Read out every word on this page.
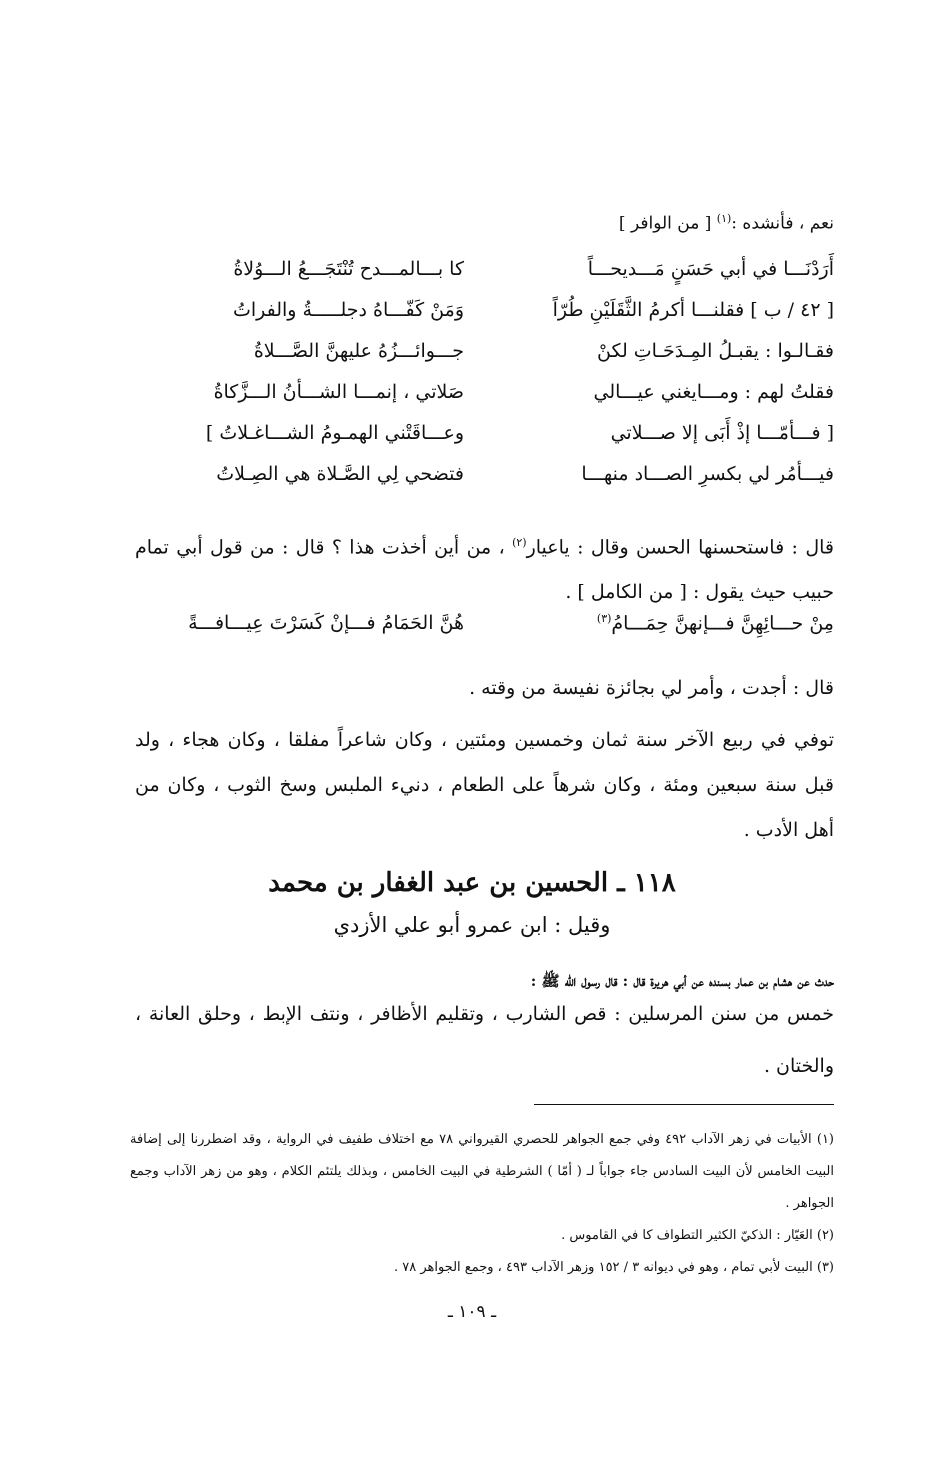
نعم ، فأنشده :$^{(١)}$ [ من الوافر ]
أَرَدْنَـــا في أبي حَسَنٍ مَـــديحـــاً
كا بـــالمـــدح تُنْتَجَـــعُ الـــوُلاةُ
[ ٤٢ / ب ] فقلنـــا أكرمُ الثَّقَلَيْنِ طُرّاً
وَمَنْ كَفّـــاهُ دجلـــــةُ والفراتُ
فقـالـوا : يقبـلُ المِـدَحَـاتِ لكنْ
جـــوائـــزُهُ عليهنَّ الصَّـــلاةُ
فقلتُ لهم : ومـــايغني عيـــالي
صَلاتي ، إنمـــا الشـــأنُ الـــزَّكاةُ
[ فـــأمّـــا إذْ أَبَى إلا صـــلاتي
وعـــاقَتْني الهمـومُ الشـــاغـلاتُ ]
فيـــأمُر لي بكسرِ الصـــاد منهـــا
فتضحي لِي الصَّـلاة هي الصِـلاتُ
قال : فاستحسنها الحسن وقال : ياعيار$^{(٢)}$ ، من أين أخذت هذا ؟ قال : من قول أبي تمام حبيب حيث يقول : [ من الكامل ] .
مِنْ حـــائِهِنَّ فـــإنهنَّ حِمَـــامُ$^{(٣)}$
هُنَّ الحَمَامُ فـــإنْ كَسَرْتَ عِيـــافـــةً
قال : أجدت ، وأمر لي بجائزة نفيسة من وقته .
توفي في ربيع الآخر سنة ثمان وخمسين ومئتين ، وكان شاعراً مفلقا ، وكان هجاء ، ولد قبل سنة سبعين ومئة ، وكان شرهاً على الطعام ، دنيء الملبس وسخ الثوب ، وكان من أهل الأدب .
١١٨ ـ الحسين بن عبد الغفار بن محمد
وقيل : ابن عمرو أبو علي الأزدي
حدث عن هشام بن عمار بسنده عن أبي هريرة قال : قال رسول الله ﷺ :
خمس من سنن المرسلين : قص الشارب ، وتقليم الأظافر ، ونتف الإبط ، وحلق العانة ، والختان .

(١) الأبيات في زهر الآداب ٤٩٢ وفي جمع الجواهر للحصري القيرواني ٧٨ مع اختلاف طفيف في الرواية ، وقد اضطررنا إلى إضافة البيت الخامس لأن البيت السادس جاء جواباً لـ ( أمّا ) الشرطية في البيت الخامس ، وبذلك يلتئم الكلام ، وهو من زهر الآداب وجمع الجواهر .

(٢) العَيّار : الذكيّ الكثير التطواف كا في القاموس .

(٣) البيت لأبي تمام ، وهو في ديوانه ٣ / ١٥٢ وزهر الآداب ٤٩٣ ، وجمع الجواهر ٧٨ .

ـ ١٠٩ ـ
